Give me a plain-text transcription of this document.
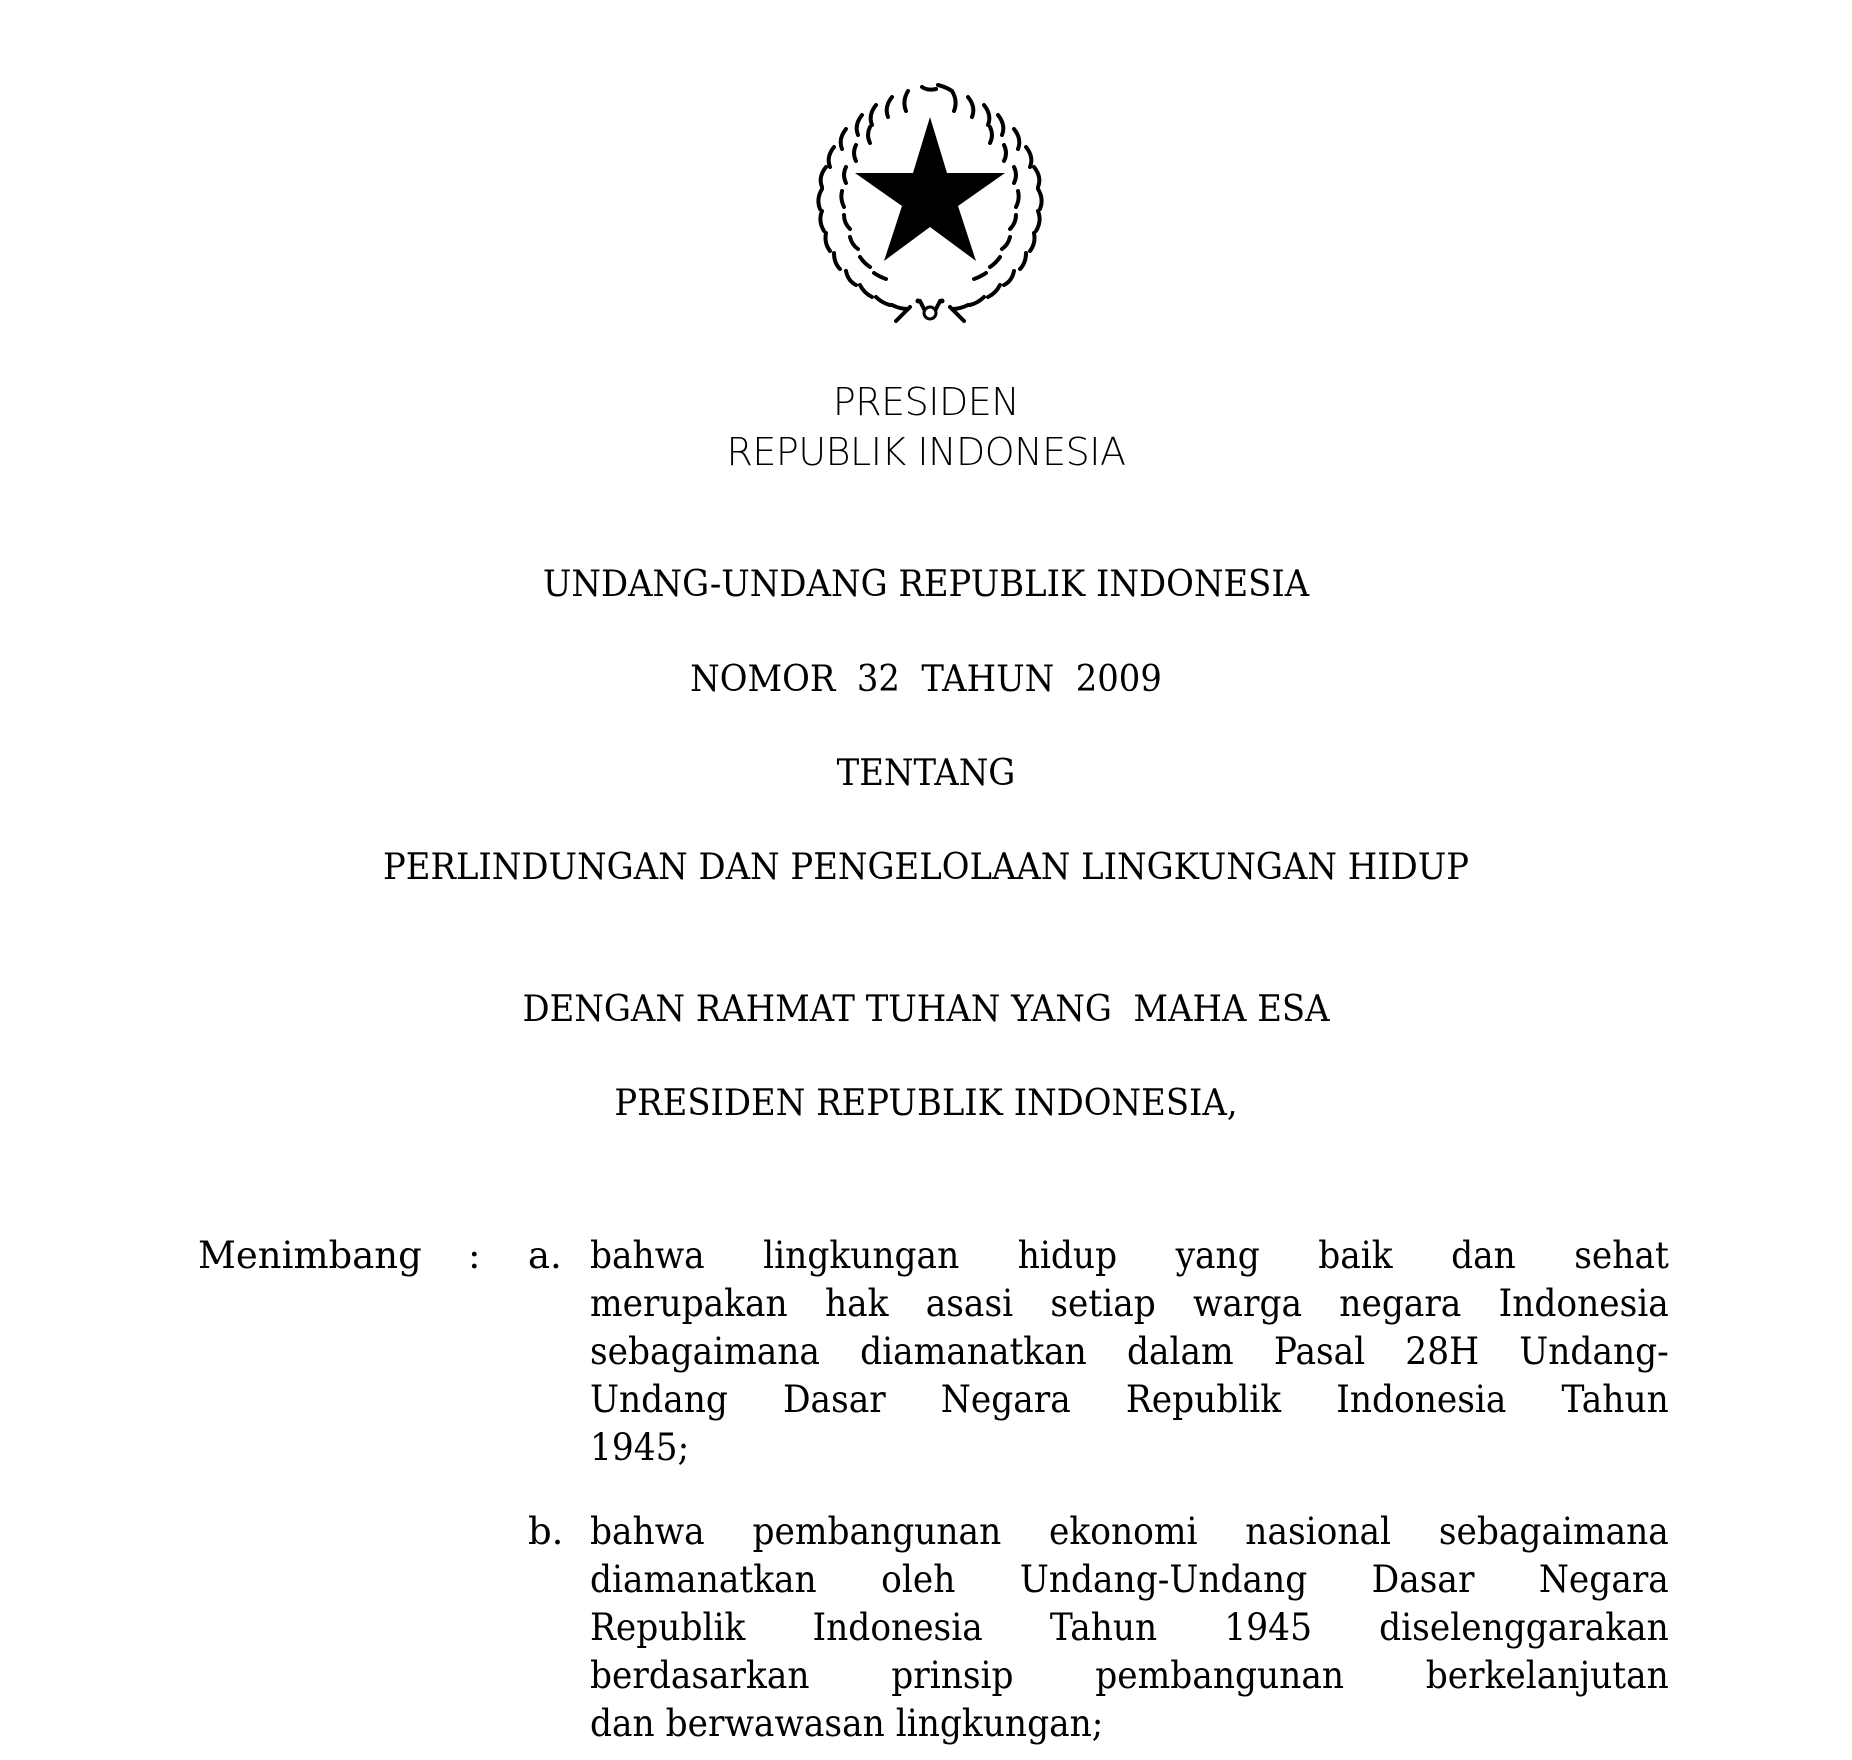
PRESIDEN
REPUBLIK INDONESIA
UNDANG-UNDANG REPUBLIK INDONESIA
NOMOR  32  TAHUN  2009
TENTANG
PERLINDUNGAN DAN PENGELOLAAN LINGKUNGAN HIDUP
DENGAN RAHMAT TUHAN YANG  MAHA ESA
PRESIDEN REPUBLIK INDONESIA,
Menimbang : a. bahwa lingkungan hidup yang baik dan sehat
merupakan hak asasi setiap warga negara Indonesia
sebagaimana diamanatkan dalam Pasal 28H Undang-
Undang Dasar Negara Republik Indonesia Tahun
1945;
b. bahwa pembangunan ekonomi nasional sebagaimana
diamanatkan oleh Undang-Undang Dasar Negara
Republik Indonesia Tahun 1945 diselenggarakan
berdasarkan prinsip pembangunan berkelanjutan
dan berwawasan lingkungan;
